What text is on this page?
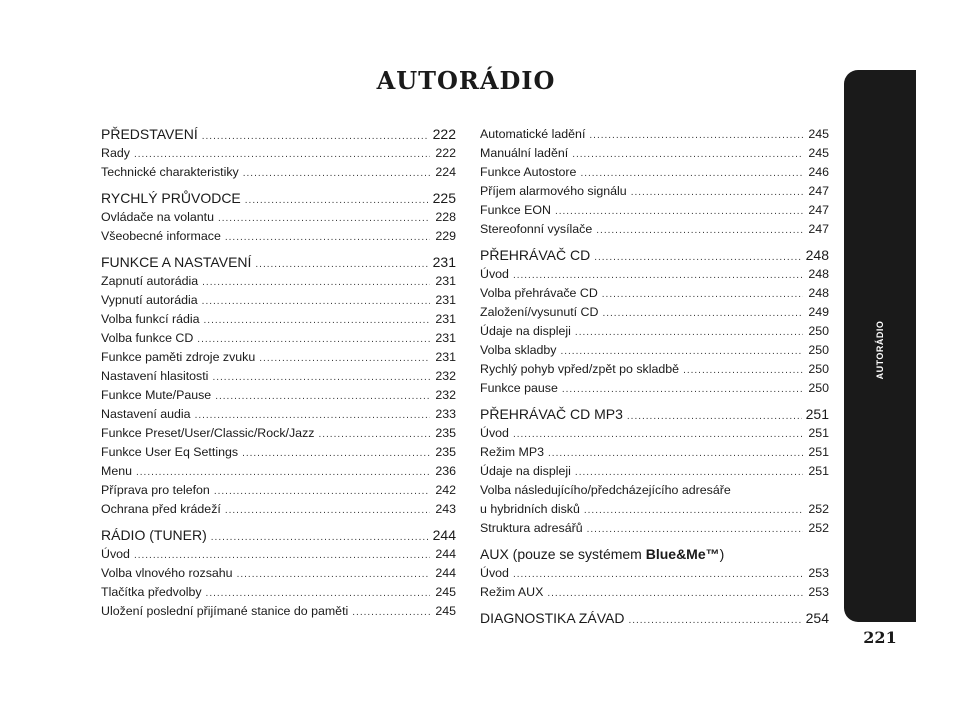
AUTORÁDIO
AUTORÁDIO
PŘEDSTAVENÍ .....	222
Rady .....	222
Technické charakteristiky .....	224
RYCHLÝ PRŮVODCE .....	225
Ovládače na volantu .....	228
Všeobecné informace .....	229
FUNKCE A NASTAVENÍ .....	231
Zapnutí autorádia .....	231
Vypnutí autorádia .....	231
Volba funkcí rádia .....	231
Volba funkce CD .....	231
Funkce paměti zdroje zvuku .....	231
Nastavení hlasitosti .....	232
Funkce Mute/Pause .....	232
Nastavení audia .....	233
Funkce Preset/User/Classic/Rock/Jazz .....	235
Funkce User Eq Settings .....	235
Menu .....	236
Příprava pro telefon .....	242
Ochrana před krádeží .....	243
RÁDIO (TUNER) .....	244
Úvod .....	244
Volba vlnového rozsahu .....	244
Tlačítka předvolby .....	245
Uložení poslední přijímané stanice do paměti .....	245
Automatické ladění .....	245
Manuální ladění .....	245
Funkce Autostore .....	246
Příjem alarmového signálu .....	247
Funkce EON .....	247
Stereofonní vysílače .....	247
PŘEHRÁVAČ CD .....	248
Úvod .....	248
Volba přehrávače CD .....	248
Založení/vysunutí CD .....	249
Údaje na displeji .....	250
Volba skladby .....	250
Rychlý pohyb vpřed/zpět po skladbě .....	250
Funkce pause .....	250
PŘEHRÁVAČ CD MP3 .....	251
Úvod .....	251
Režim MP3 .....	251
Údaje na displeji .....	251
Volba následujícího/předcházejícího adresáře
u hybridních disků .....	252
Struktura adresářů .....	252
AUX (pouze se systémem Blue&Me™)
Úvod .....	253
Režim AUX .....	253
DIAGNOSTIKA ZÁVAD .....	254
221
